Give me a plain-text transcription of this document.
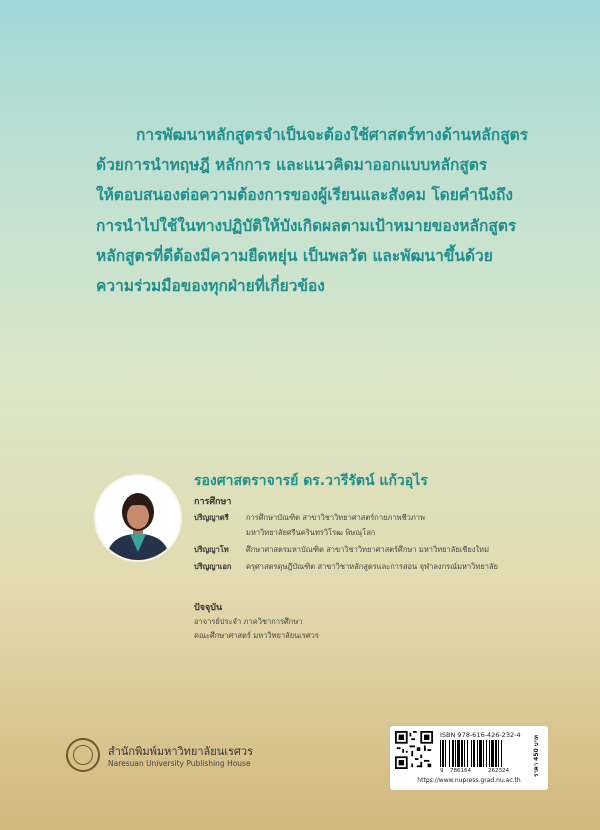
การพัฒนาหลักสูตรจำเป็นจะต้องใช้ศาสตร์ทางด้านหลักสูตร

ด้วยการนำทฤษฎี หลักการ และแนวคิดมาออกแบบหลักสูตร

ให้ตอบสนองต่อความต้องการของผู้เรียนและสังคม โดยคำนึงถึง

การนำไปใช้ในทางปฏิบัติให้บังเกิดผลตามเป้าหมายของหลักสูตร

หลักสูตรที่ดีต้องมีความยืดหยุ่น เป็นพลวัต และพัฒนาขึ้นด้วย

ความร่วมมือของทุกฝ่ายที่เกี่ยวข้อง

รองศาสตราจารย์ ดร.วารีรัตน์ แก้วอุไร
การศึกษา
ปริญญาตรี การศึกษาบัณฑิต สาขาวิชาวิทยาศาสตร์กายภาพชีวภาพ
มหาวิทยาลัยศรีนครินทรวิโรฒ พิษณุโลก
ปริญญาโท ศึกษาศาสตรมหาบัณฑิต สาขาวิชาวิทยาศาสตร์ศึกษา มหาวิทยาลัยเชียงใหม่
ปริญญาเอก ครุศาสตรดุษฎีบัณฑิต สาขาวิชาหลักสูตรและการสอน จุฬาลงกรณ์มหาวิทยาลัย
ปัจจุบัน
อาจารย์ประจำ ภาควิชาการศึกษา
คณะศึกษาศาสตร์ มหาวิทยาลัยนเรศวร
สำนักพิมพ์มหาวิทยาลัยนเรศวร
Naresuan University Publishing House
ISBN 978-616-426-232-4
9 786164	262324	ราคา 450 บาท
https://www.nupress.grad.nu.ac.th
